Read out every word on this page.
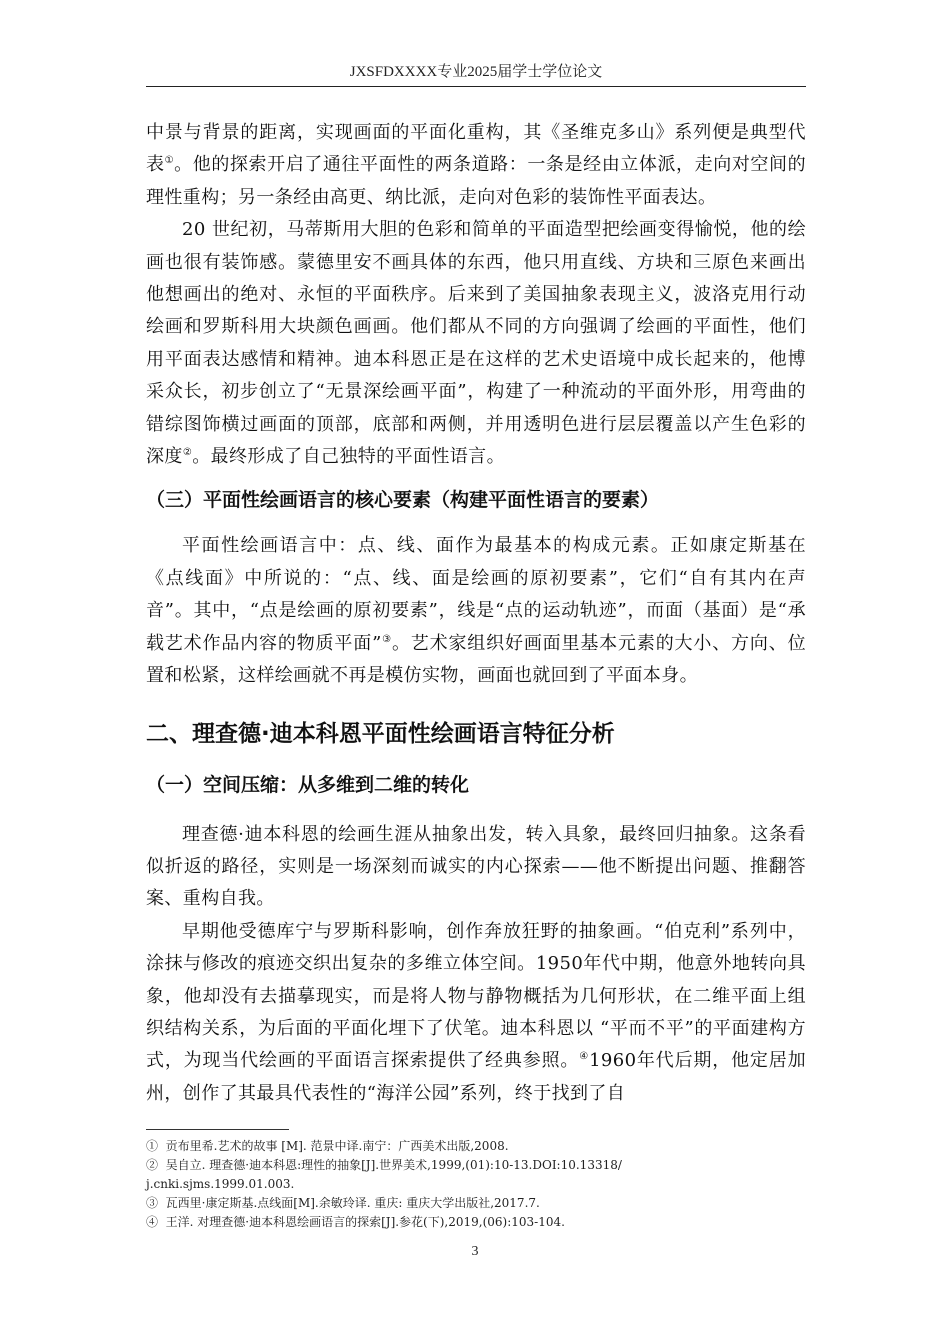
JXSFDXXXX专业2025届学士学位论文

中景与背景的距离，实现画面的平面化重构，其《圣维克多山》系列便是典型代表①。他的探索开启了通往平面性的两条道路：一条是经由立体派，走向对空间的理性重构；另一条经由高更、纳比派，走向对色彩的装饰性平面表达。

20 世纪初，马蒂斯用大胆的色彩和简单的平面造型把绘画变得愉悦，他的绘画也很有装饰感。蒙德里安不画具体的东西，他只用直线、方块和三原色来画出他想画出的绝对、永恒的平面秩序。后来到了美国抽象表现主义，波洛克用行动绘画和罗斯科用大块颜色画画。他们都从不同的方向强调了绘画的平面性，他们用平面表达感情和精神。迪本科恩正是在这样的艺术史语境中成长起来的，他博采众长，初步创立了“无景深绘画平面”，构建了一种流动的平面外形，用弯曲的错综图饰横过画面的顶部，底部和两侧，并用透明色进行层层覆盖以产生色彩的深度②。最终形成了自己独特的平面性语言。

（三）平面性绘画语言的核心要素（构建平面性语言的要素）

平面性绘画语言中：点、线、面作为最基本的构成元素。正如康定斯基在《点线面》中所说的：“点、线、面是绘画的原初要素”，它们“自有其内在声音”。其中，“点是绘画的原初要素”，线是“点的运动轨迹”，而面（基面）是“承载艺术作品内容的物质平面”③。艺术家组织好画面里基本元素的大小、方向、位置和松紧，这样绘画就不再是模仿实物，画面也就回到了平面本身。

二、理查德·迪本科恩平面性绘画语言特征分析
（一）空间压缩：从多维到二维的转化

理查德·迪本科恩的绘画生涯从抽象出发，转入具象，最终回归抽象。这条看似折返的路径，实则是一场深刻而诚实的内心探索——他不断提出问题、推翻答案、重构自我。

早期他受德库宁与罗斯科影响，创作奔放狂野的抽象画。“伯克利”系列中，涂抹与修改的痕迹交织出复杂的多维立体空间。1950年代中期，他意外地转向具象，他却没有去描摹现实，而是将人物与静物概括为几何形状，在二维平面上组织结构关系，为后面的平面化埋下了伏笔。迪本科恩以 “平而不平”的平面建构方式，为现当代绘画的平面语言探索提供了经典参照。④1960年代后期，他定居加州，创作了其最具代表性的“海洋公园”系列，终于找到了自

①  贡布里希.艺术的故事 [M]. 范景中译.南宁：广西美术出版,2008.
②  吴自立. 理查德·迪本科恩:理性的抽象[J].世界美术,1999,(01):10-13.DOI:10.13318/
j.cnki.sjms.1999.01.003.
③  瓦西里·康定斯基.点线面[M].余敏玲译. 重庆: 重庆大学出版社,2017.7.
④  王洋. 对理查德·迪本科恩绘画语言的探索[J].参花(下),2019,(06):103-104.
3
